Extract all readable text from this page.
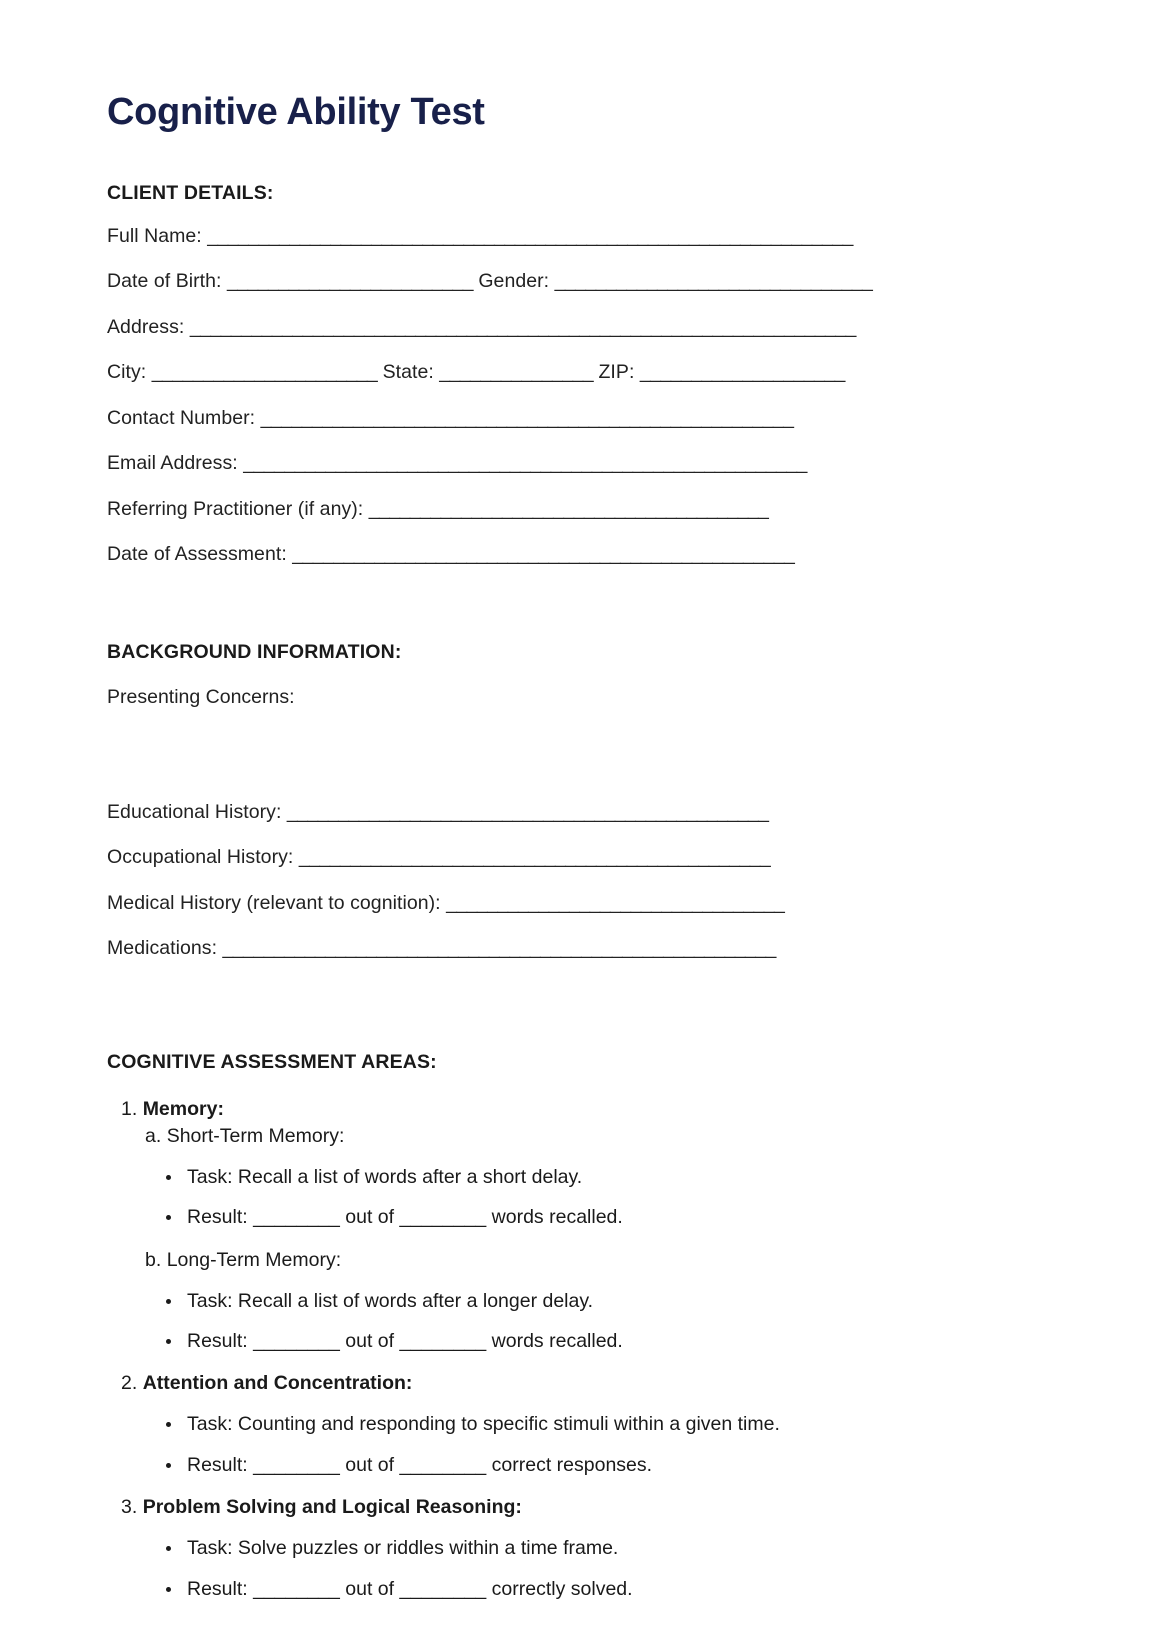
Cognitive Ability Test
CLIENT DETAILS:
Full Name: _______________________________________________________________
Date of Birth: ________________________ Gender: _______________________________
Address: _________________________________________________________________
City: ______________________ State: _______________ ZIP: ____________________
Contact Number: ____________________________________________________
Email Address: _______________________________________________________
Referring Practitioner (if any): _______________________________________
Date of Assessment: _________________________________________________
BACKGROUND INFORMATION:
Presenting Concerns:
Educational History: _______________________________________________
Occupational History: ______________________________________________
Medical History (relevant to cognition): _________________________________
Medications: ______________________________________________________
COGNITIVE ASSESSMENT AREAS:
1. Memory:
a. Short-Term Memory:
Task: Recall a list of words after a short delay.
Result: ________ out of ________ words recalled.
b. Long-Term Memory:
Task: Recall a list of words after a longer delay.
Result: ________ out of ________ words recalled.
2. Attention and Concentration:
Task: Counting and responding to specific stimuli within a given time.
Result: ________ out of ________ correct responses.
3. Problem Solving and Logical Reasoning:
Task: Solve puzzles or riddles within a time frame.
Result: ________ out of ________ correctly solved.
